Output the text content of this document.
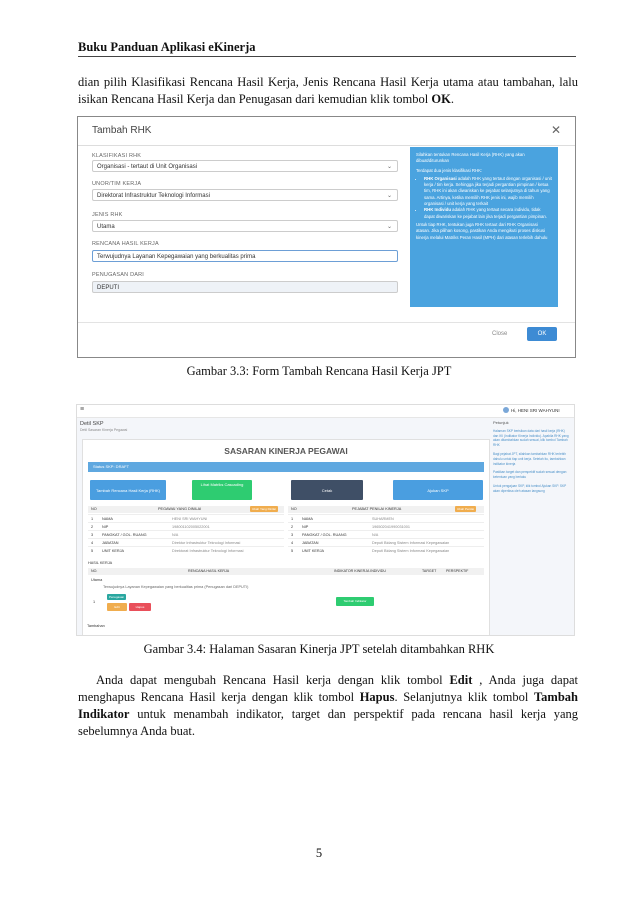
Buku Panduan Aplikasi eKinerja
dian pilih Klasifikasi Rencana Hasil Kerja, Jenis Rencana Hasil Kerja utama atau tambahan, lalu isikan Rencana Hasil Kerja dan Penugasan dari kemudian klik tombol OK.
Tambah RHK	✕
KLASIFIKASI RHK
Organisasi - tertaut di Unit Organisasi	⌄
UNOR/TIM KERJA
Direktorat Infrastruktur Teknologi Informasi	⌄
JENIS RHK
Utama	⌄
RENCANA HASIL KERJA
Terwujudnya Layanan Kepegawaian yang berkualitas prima
PENUGASAN DARI
DEPUTI

Silahkan tentukan Rencana Hasil Kerja (RHK) yang akan dibuat/diturunkan

Terdapat dua jenis klasifikasi RHK:

• RHK Organisasi adalah RHK yang tertaut dengan organisasi / unit kerja / tim kerja. Sehingga jika terjadi pergantian pimpinan / ketua tim, RHK ini akan diwariskan ke pejabat selanjutnya di tahun yang sama. Artinya, ketika memilih RHK jenis ini, wajib memilih organisasi / unit kerja yang terkait
• RHK Individu adalah RHK yang tertaut secara individu, tidak dapat diwariskan ke pejabat lain jika terjadi pergantian pimpinan.

Untuk tiap RHK, tentukan juga RHK tertaut dari RHK Organisasi atasan. Jika pilihan kosong, pastikan Anda mengikuti proses diskusi kinerja melalui Matriks Peran Hasil (MPH) dari atasan terlebih dahulu

Close	OK
Gambar 3.3: Form Tambah Rencana Hasil Kerja JPT
≡	Hi, HENI SRI WAHYUNI
Detil SKP
Detil Sasaran Kinerja Pegawai
SASARAN KINERJA PEGAWAI
Status SKP: DRAFT
Tambah Rencana Hasil Kerja (RHK)
Lihat Matriks Cascading
Cetak	Ajukan SKP
NO	PEGAWAI YANG DINILAI	Ubah Yang Dinilai
1 NAMA	HENI SRI WAHYUNI
2 NIP	198001102005022001
3 PANGKAT / GOL. RUANG	N/A
4 JABATAN	Direktur Infrastruktur Teknologi Informasi
5 UNIT KERJA	Direktorat Infrastruktur Teknologi Informasi
NO	PEJABAT PENILAI KINERJA	Ubah Penilai
1 NAMA	SUHARMEN
2 NIP	196502041990031001
3 PANGKAT / GOL. RUANG	N/A
4 JABATAN	Deputi Bidang Sistem Informasi Kepegawaian
5 UNIT KERJA	Deputi Bidang Sistem Informasi Kepegawaian
HASIL KERJA
NO.	RENCANA HASIL KERJA	INDIKATOR KINERJA INDIVIDU	TARGET	PERSPEKTIF
Utama
1
Terwujudnya Layanan Kepegawaian yang berkualitas prima (Penugasan dari DEPUTI)
Penugasan
Edit	Hapus
Tambah Indikator
Tambahan
Petunjuk

Halaman SKP berisikan data dari hasil kerja (RHK) dan IKI (Indikator Kinerja Individu). Apabila RHK yang akan ditambahkan sudah sesuai, klik tombol Tambah RHK

Bagi pejabat JPT, silahkan tambahkan RHK terlebih dahulu untuk tiap unit kerja. Setelah itu, tambahkan indikator kinerja

Pastikan target dan perspektif sudah sesuai dengan ketentuan yang berlaku

Untuk pengajuan SKP, klik tombol Ajukan SKP. SKP akan diperiksa oleh atasan langsung

Gambar 3.4: Halaman Sasaran Kinerja JPT setelah ditambahkan RHK
Anda dapat mengubah Rencana Hasil kerja dengan klik tombol Edit , Anda juga dapat menghapus Rencana Hasil kerja dengan klik tombol Hapus. Selanjutnya klik tombol Tambah Indikator untuk menambah indikator, target dan perspektif pada rencana hasil kerja yang sebelumnya Anda buat.
5
